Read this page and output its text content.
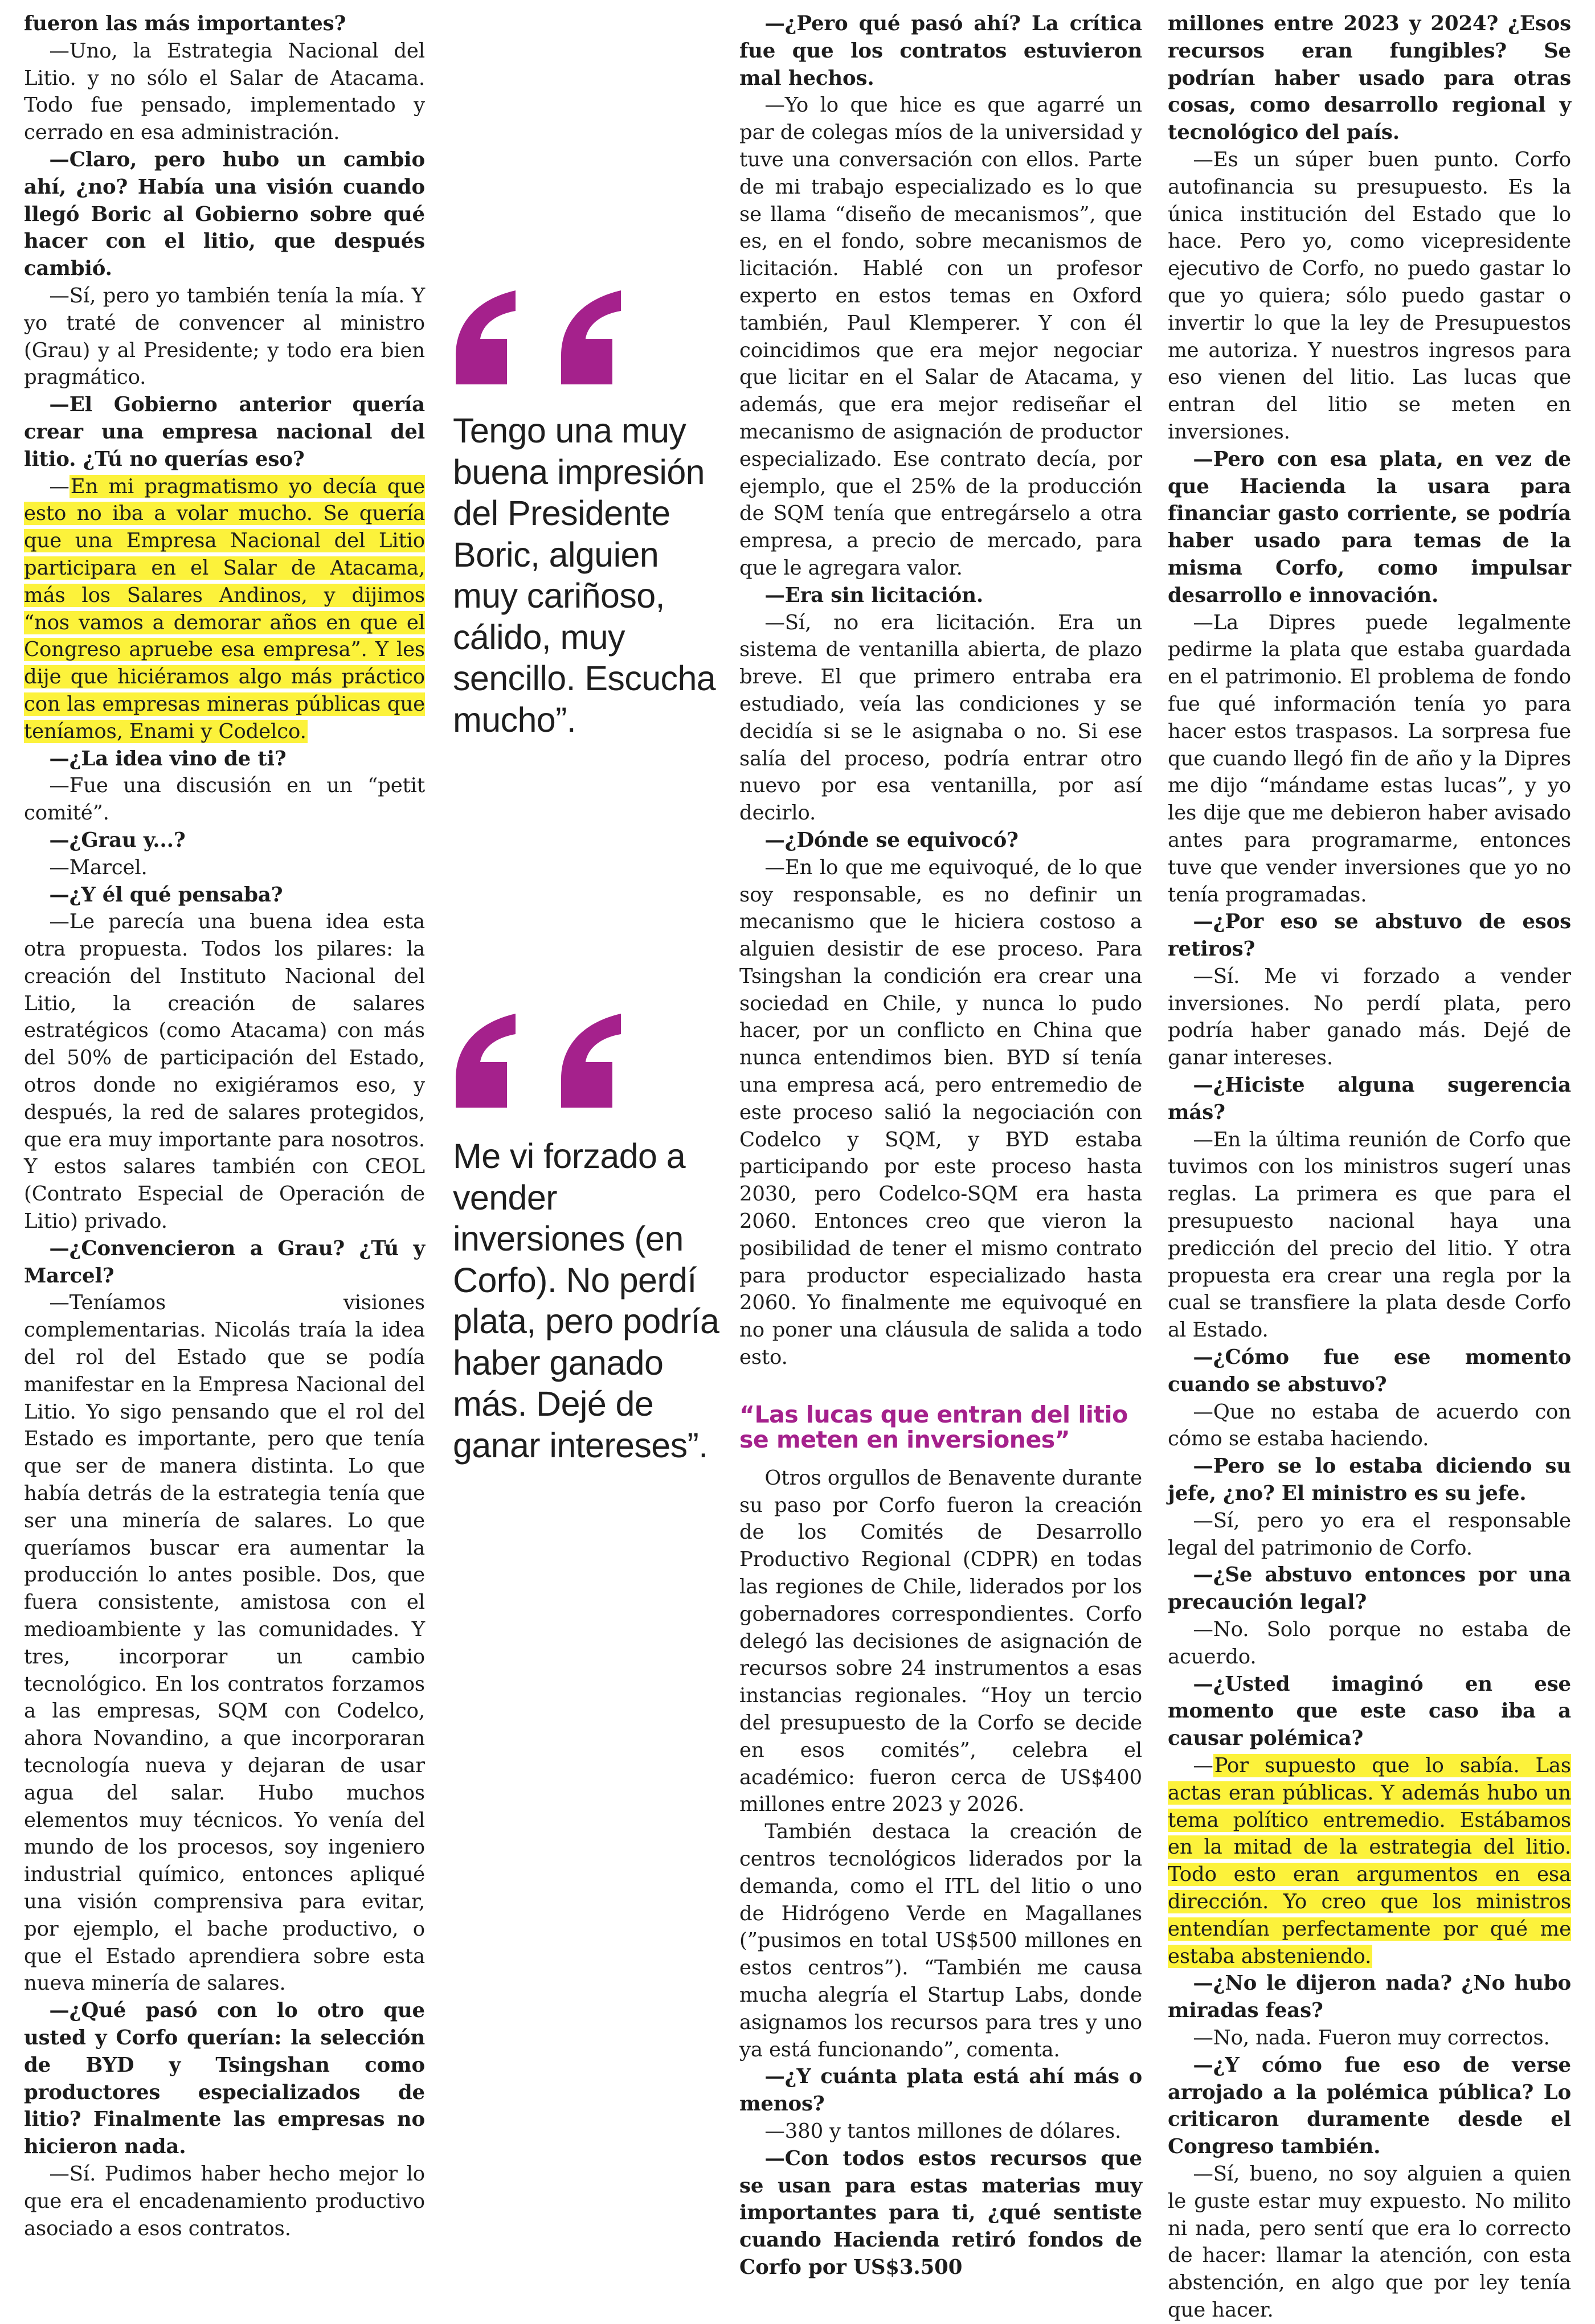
fueron las más importantes?

—Uno, la Estrategia Nacional del Litio. y no sólo el Salar de Atacama. Todo fue pensado, implementado y cerrado en esa administración.

—Claro, pero hubo un cambio ahí, ¿no? Había una visión cuando llegó Boric al Gobierno sobre qué hacer con el litio, que después cambió.

—Sí, pero yo también tenía la mía. Y yo traté de convencer al ministro (Grau) y al Presidente; y todo era bien pragmático.

—El Gobierno anterior quería crear una empresa nacional del litio. ¿Tú no querías eso?

—En mi pragmatismo yo decía que esto no iba a volar mucho. Se quería que una Empresa Nacional del Litio participara en el Salar de Atacama, más los Salares Andinos, y dijimos “nos vamos a demorar años en que el Congreso apruebe esa empresa”. Y les dije que hiciéramos algo más práctico con las empresas mineras públicas que teníamos, Enami y Codelco.

—¿La idea vino de ti?

—Fue una discusión en un “petit comité”.

—¿Grau y...?

—Marcel.

—¿Y él qué pensaba?

—Le parecía una buena idea esta otra propuesta. Todos los pilares: la creación del Instituto Nacional del Litio, la creación de salares estratégicos (como Atacama) con más del 50% de participación del Estado, otros donde no exigiéramos eso, y después, la red de salares protegidos, que era muy importante para nosotros. Y estos salares también con CEOL (Contrato Especial de Operación de Litio) privado.

—¿Convencieron a Grau? ¿Tú y Marcel?

—Teníamos visiones complementarias. Nicolás traía la idea del rol del Estado que se podía manifestar en la Empresa Nacional del Litio. Yo sigo pensando que el rol del Estado es importante, pero que tenía que ser de manera distinta. Lo que había detrás de la estrategia tenía que ser una minería de salares. Lo que queríamos buscar era aumentar la producción lo antes posible. Dos, que fuera consistente, amistosa con el medioambiente y las comunidades. Y tres, incorporar un cambio tecnológico. En los contratos forzamos a las empresas, SQM con Codelco, ahora Novandino, a que incorporaran tecnología nueva y dejaran de usar agua del salar. Hubo muchos elementos muy técnicos. Yo venía del mundo de los procesos, soy ingeniero industrial químico, entonces apliqué una visión comprensiva para evitar, por ejemplo, el bache productivo, o que el Estado aprendiera sobre esta nueva minería de salares.

—¿Qué pasó con lo otro que usted y Corfo querían: la selección de BYD y Tsingshan como productores especializados de litio? Finalmente las empresas no hicieron nada.

—Sí. Pudimos haber hecho mejor lo que era el encadenamiento productivo asociado a esos contratos.

Tengo una muy buena impresión del Presidente Boric, alguien muy cariñoso, cálido, muy sencillo. Escucha mucho”.
Me vi forzado a vender inversiones (en Corfo). No perdí plata, pero podría haber ganado más. Dejé de ganar intereses”.

—¿Pero qué pasó ahí? La crítica fue que los contratos estuvieron mal hechos.

—Yo lo que hice es que agarré un par de colegas míos de la universidad y tuve una conversación con ellos. Parte de mi trabajo especializado es lo que se llama “diseño de mecanismos”, que es, en el fondo, sobre mecanismos de licitación. Hablé con un profesor experto en estos temas en Oxford también, Paul Klemperer. Y con él coincidimos que era mejor negociar que licitar en el Salar de Atacama, y además, que era mejor rediseñar el mecanismo de asignación de productor especializado. Ese contrato decía, por ejemplo, que el 25% de la producción de SQM tenía que entregárselo a otra empresa, a precio de mercado, para que le agregara valor.

—Era sin licitación.

—Sí, no era licitación. Era un sistema de ventanilla abierta, de plazo breve. El que primero entraba era estudiado, veía las condiciones y se decidía si se le asignaba o no. Si ese salía del proceso, podría entrar otro nuevo por esa ventanilla, por así decirlo.

—¿Dónde se equivocó?

—En lo que me equivoqué, de lo que soy responsable, es no definir un mecanismo que le hiciera costoso a alguien desistir de ese proceso. Para Tsingshan la condición era crear una sociedad en Chile, y nunca lo pudo hacer, por un conflicto en China que nunca entendimos bien. BYD sí tenía una empresa acá, pero entremedio de este proceso salió la negociación con Codelco y SQM, y BYD estaba participando por este proceso hasta 2030, pero Codelco-SQM era hasta 2060. Entonces creo que vieron la posibilidad de tener el mismo contrato para productor especializado hasta 2060. Yo finalmente me equivoqué en no poner una cláusula de salida a todo esto.

“Las lucas que entran del litio se meten en inversiones”

Otros orgullos de Benavente durante su paso por Corfo fueron la creación de los Comités de Desarrollo Productivo Regional (CDPR) en todas las regiones de Chile, liderados por los gobernadores correspondientes. Corfo delegó las decisiones de asignación de recursos sobre 24 instrumentos a esas instancias regionales. “Hoy un tercio del presupuesto de la Corfo se decide en esos comités”, celebra el académico: fueron cerca de US$400 millones entre 2023 y 2026.

También destaca la creación de centros tecnológicos liderados por la demanda, como el ITL del litio o uno de Hidrógeno Verde en Magallanes (”pusimos en total US$500 millones en estos centros”). “También me causa mucha alegría el Startup Labs, donde asignamos los recursos para tres y uno ya está funcionando”, comenta.

—¿Y cuánta plata está ahí más o menos?

—380 y tantos millones de dólares.

—Con todos estos recursos que se usan para estas materias muy importantes para ti, ¿qué sentiste cuando Hacienda retiró fondos de Corfo por US$3.500

millones entre 2023 y 2024? ¿Esos recursos eran fungibles? Se podrían haber usado para otras cosas, como desarrollo regional y tecnológico del país.

—Es un súper buen punto. Corfo autofinancia su presupuesto. Es la única institución del Estado que lo hace. Pero yo, como vicepresidente ejecutivo de Corfo, no puedo gastar lo que yo quiera; sólo puedo gastar o invertir lo que la ley de Presupuestos me autoriza. Y nuestros ingresos para eso vienen del litio. Las lucas que entran del litio se meten en inversiones.

—Pero con esa plata, en vez de que Hacienda la usara para financiar gasto corriente, se podría haber usado para temas de la misma Corfo, como impulsar desarrollo e innovación.

—La Dipres puede legalmente pedirme la plata que estaba guardada en el patrimonio. El problema de fondo fue qué información tenía yo para hacer estos traspasos. La sorpresa fue que cuando llegó fin de año y la Dipres me dijo “mándame estas lucas”, y yo les dije que me debieron haber avisado antes para programarme, entonces tuve que vender inversiones que yo no tenía programadas.

—¿Por eso se abstuvo de esos retiros?

—Sí. Me vi forzado a vender inversiones. No perdí plata, pero podría haber ganado más. Dejé de ganar intereses.

—¿Hiciste alguna sugerencia más?

—En la última reunión de Corfo que tuvimos con los ministros sugerí unas reglas. La primera es que para el presupuesto nacional haya una predicción del precio del litio. Y otra propuesta era crear una regla por la cual se transfiere la plata desde Corfo al Estado.

—¿Cómo fue ese momento cuando se abstuvo?

—Que no estaba de acuerdo con cómo se estaba haciendo.

—Pero se lo estaba diciendo su jefe, ¿no? El ministro es su jefe.

—Sí, pero yo era el responsable legal del patrimonio de Corfo.

—¿Se abstuvo entonces por una precaución legal?

—No. Solo porque no estaba de acuerdo.

—¿Usted imaginó en ese momento que este caso iba a causar polémica?

—Por supuesto que lo sabía. Las actas eran públicas. Y además hubo un tema político entremedio. Estábamos en la mitad de la estrategia del litio. Todo esto eran argumentos en esa dirección. Yo creo que los ministros entendían perfectamente por qué me estaba absteniendo.

—¿No le dijeron nada? ¿No hubo miradas feas?

—No, nada. Fueron muy correctos.

—¿Y cómo fue eso de verse arrojado a la polémica pública? Lo criticaron duramente desde el Congreso también.

—Sí, bueno, no soy alguien a quien le guste estar muy expuesto. No milito ni nada, pero sentí que era lo correcto de hacer: llamar la atención, con esta abstención, en algo que por ley tenía que hacer.
